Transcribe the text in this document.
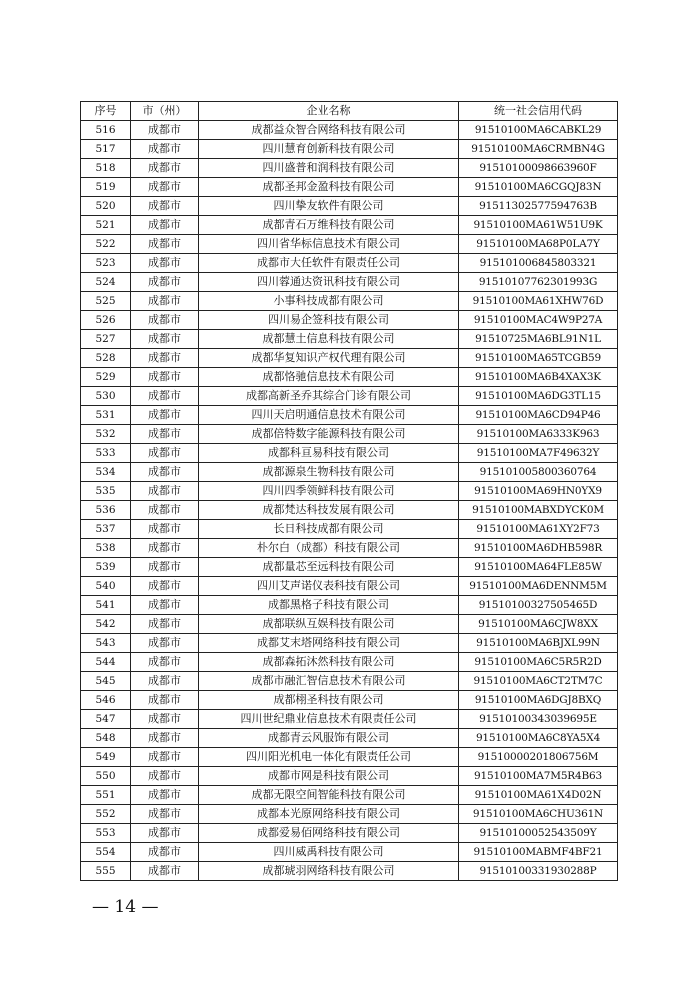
序号	市（州）	企业名称	统一社会信用代码
516	成都市	成都益众智合网络科技有限公司	91510100MA6CABKL29
517	成都市	四川慧育创新科技有限公司	91510100MA6CRMBN4G
518	成都市	四川盛普和润科技有限公司	91510100098663960F
519	成都市	成都圣邦金盈科技有限公司	91510100MA6CGQJ83N
520	成都市	四川挚友软件有限公司	91511302577594763B
521	成都市	成都青石万维科技有限公司	91510100MA61W51U9K
522	成都市	四川省华标信息技术有限公司	91510100MA68P0LA7Y
523	成都市	成都市大任软件有限责任公司	915101006845803321
524	成都市	四川蓉通达资讯科技有限公司	91510107762301993G
525	成都市	小事科技成都有限公司	91510100MA61XHW76D
526	成都市	四川易企签科技有限公司	91510100MAC4W9P27A
527	成都市	成都慧土信息科技有限公司	91510725MA6BL91N1L
528	成都市	成都华复知识产权代理有限公司	91510100MA65TCGB59
529	成都市	成都恪驰信息技术有限公司	91510100MA6B4XAX3K
530	成都市	成都高新圣乔其综合门诊有限公司	91510100MA6DG3TL15
531	成都市	四川天启明通信息技术有限公司	91510100MA6CD94P46
532	成都市	成都倍特数字能源科技有限公司	91510100MA6333K963
533	成都市	成都科亘易科技有限公司	91510100MA7F49632Y
534	成都市	成都源泉生物科技有限公司	915101005800360764
535	成都市	四川四季领鲜科技有限公司	91510100MA69HN0YX9
536	成都市	成都梵达科技发展有限公司	91510100MABXDYCK0M
537	成都市	长日科技成都有限公司	91510100MA61XY2F73
538	成都市	朴尔白（成都）科技有限公司	91510100MA6DHB598R
539	成都市	成都量芯至远科技有限公司	91510100MA64FLE85W
540	成都市	四川艾声诺仪表科技有限公司	91510100MA6DENNM5M
541	成都市	成都黑格子科技有限公司	91510100327505465D
542	成都市	成都联纵互娱科技有限公司	91510100MA6CJW8XX
543	成都市	成都艾末塔网络科技有限公司	91510100MA6BJXL99N
544	成都市	成都森拓沐然科技有限公司	91510100MA6C5R5R2D
545	成都市	成都市融汇智信息技术有限公司	91510100MA6CT2TM7C
546	成都市	成都栩圣科技有限公司	91510100MA6DGJ8BXQ
547	成都市	四川世纪鼎业信息技术有限责任公司	91510100343039695E
548	成都市	成都青云风服饰有限公司	91510100MA6C8YA5X4
549	成都市	四川阳光机电一体化有限责任公司	91510000201806756M
550	成都市	成都市网是科技有限公司	91510100MA7M5R4B63
551	成都市	成都无限空间智能科技有限公司	91510100MA61X4D02N
552	成都市	成都本光原网络科技有限公司	91510100MA6CHU361N
553	成都市	成都爱易佰网络科技有限公司	91510100052543509Y
554	成都市	四川威禹科技有限公司	91510100MABMF4BF21
555	成都市	成都琥羽网络科技有限公司	91510100331930288P
— 14 —
